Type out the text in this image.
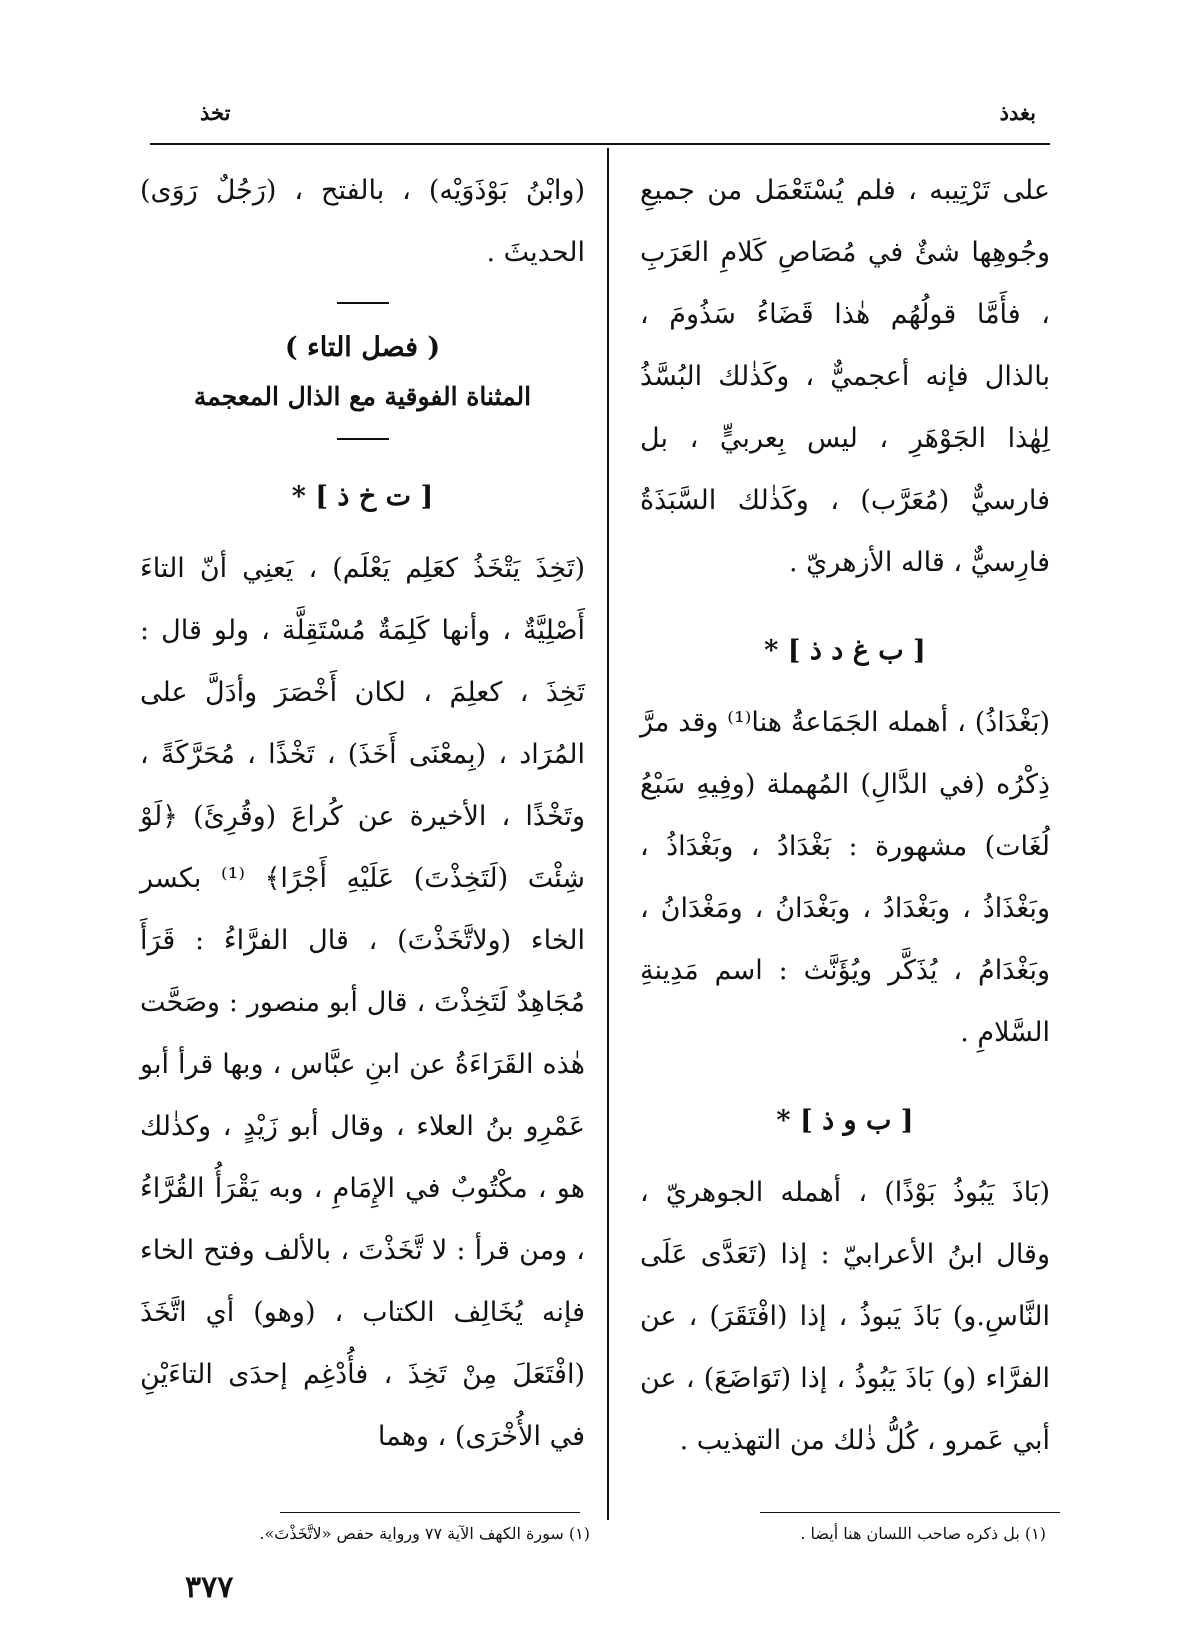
بغدذ
تخذ

على تَرْتِيبه ، فلم يُسْتَعْمَل من جميعِ وجُوهِها شئٌ في مُصَاصِ كَلامِ العَرَبِ ، فأَمَّا قولُهُم هٰذا قَضَاءُ سَذُومَ ، بالذال فإنه أعجميٌّ ، وكَذٰلك البُسَّذُ لِهٰذا الجَوْهَرِ ، ليس بِعربيٍّ ، بل فارسيٌّ (مُعَرَّب) ، وكَذٰلك السَّبَذَةُ فارِسيٌّ ، قاله الأزهريّ .

[ ب غ د ذ ] *

(بَغْدَاذُ) ، أهمله الجَمَاعةُ هنا⁽¹⁾ وقد مرَّ ذِكْرُه (في الدَّالِ) المُهملة (وفِيهِ سَبْعُ لُغَات) مشهورة : بَغْدَادُ ، وبَغْدَاذُ ، وبَغْذَاذُ ، وبَغْدَادُ ، وبَغْدَانُ ، ومَغْدَانُ ، وبَغْدَامُ ، يُذَكَّر ويُؤَنَّث : اسم مَدِينةِ السَّلامِ .

[ ب و ذ ] *

(بَاذَ يَبُوذُ بَوْذًا) ، أهمله الجوهريّ ، وقال ابنُ الأعرابيّ : إذا (تَعَدَّى عَلَى النَّاسِ.و) بَاذَ يَبوذُ ، إذا (افْتَقَرَ) ، عن الفرَّاء (و) بَاذَ يَبُوذُ ، إذا (تَوَاضَعَ) ، عن أبي عَمرو ، كُلُّ ذٰلك من التهذيب .

(وابْنُ بَوْذَوَيْه) ، بالفتح ، (رَجُلٌ رَوَى) الحديثَ .

( فصل التاء )
المثناة الفوقية مع الذال المعجمة
[ ت خ ذ ] *

(تَخِذَ يَتْخَذُ كعَلِم يَعْلَم) ، يَعنِي أنّ التاءَ أَصْلِيَّةٌ ، وأنها كَلِمَةٌ مُسْتَقِلَّة ، ولو قال : تَخِذَ ، كعلِمَ ، لكان أَخْصَرَ وأدَلَّ على المُرَاد ، (بِمعْنَى أَخَذَ) ، تَخْذًا ، مُحَرَّكَةً ، وتَخْذًا ، الأخيرة عن كُراعَ (وقُرِئَ) ﴿لَوْ شِئْتَ (لَتَخِذْتَ) عَلَيْهِ أَجْرًا﴾ ⁽¹⁾ بكسر الخاء (ولاتَّخَذْتَ) ، قال الفرَّاءُ : قَرَأَ مُجَاهِدٌ لَتَخِذْتَ ، قال أبو منصور : وصَحَّت هٰذه القَرَاءَةُ عن ابنِ عبَّاس ، وبها قرأ أبو عَمْرِو بنُ العلاء ، وقال أبو زَيْدٍ ، وكذٰلك هو ، مكْتُوبٌ في الإِمَامِ ، وبه يَقْرَأُ القُرَّاءُ ، ومن قرأ : لا تَّخَذْتَ ، بالألف وفتح الخاء فإنه يُخَالِف الكتاب ، (وهو) أي اتَّخَذَ (افْتَعَلَ مِنْ تَخِذَ ، فأُدْغِم إحدَى التاءَيْنِ في الأُخْرَى) ، وهما

(١) بل ذكره صاحب اللسان هنا أيضا .
(١) سورة الكهف الآية ٧٧ ورواية حفص «لاتَّخَذْتَ».
٣٧٧
